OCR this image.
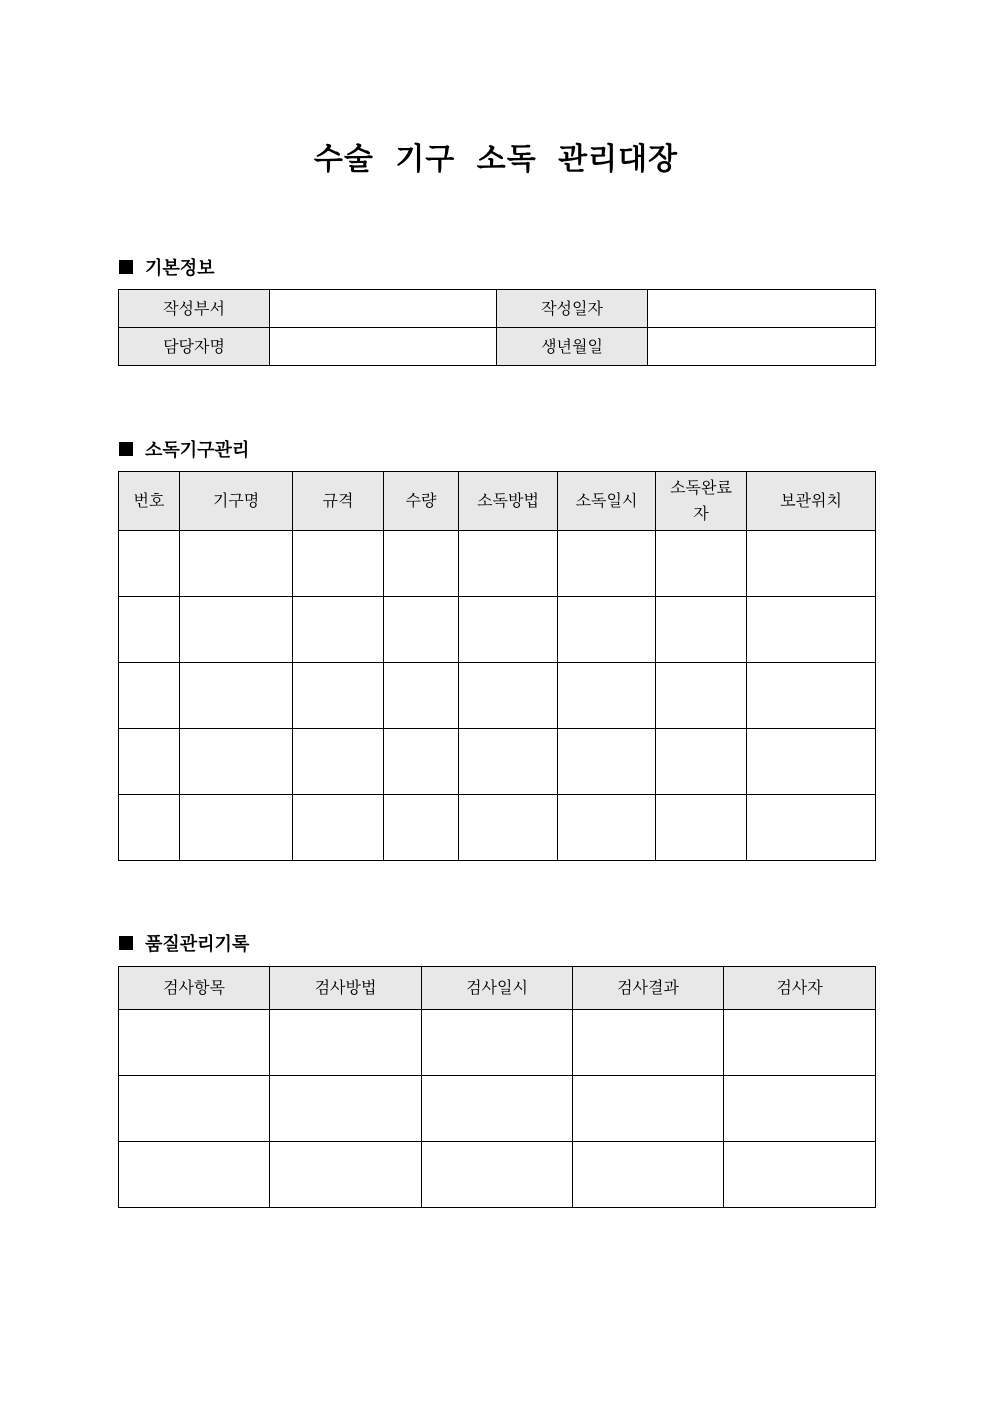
수술 기구 소독 관리대장
기본정보
작성부서		작성일자	
담당자명		생년월일	
소독기구관리
번호	기구명	규격	수량	소독방법	소독일시	소독완료자	보관위치

품질관리기록
검사항목	검사방법	검사일시	검사결과	검사자
